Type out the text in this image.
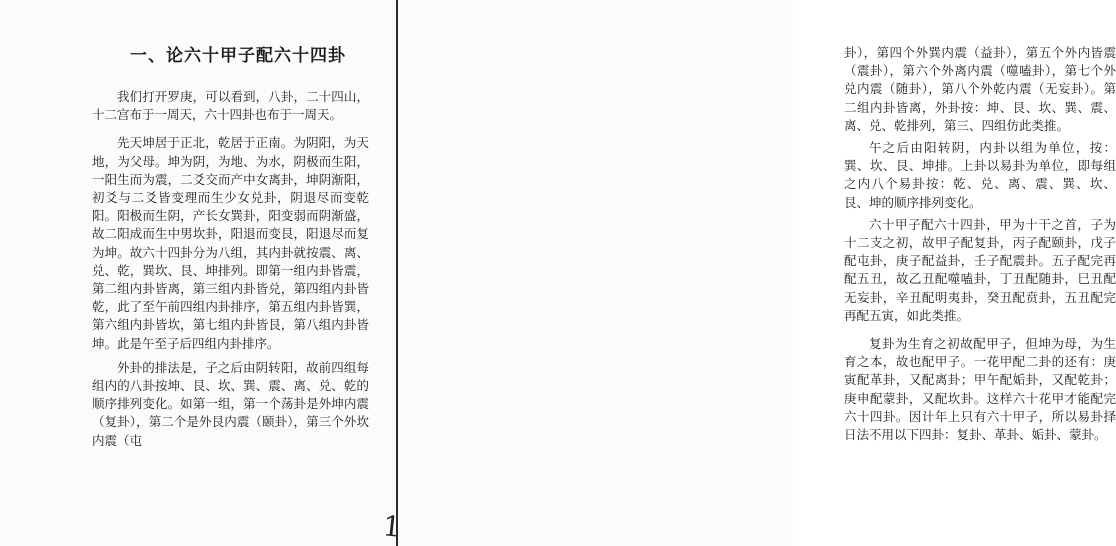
一、论六十甲子配六十四卦

我们打开罗庚，可以看到，八卦，二十四山，十二宫布于一周天，六十四卦也布于一周天。

先天坤居于正北，乾居于正南。为阴阳，为天地，为父母。坤为阴，为地、为水，阴极而生阳，一阳生而为震，二爻交而产中女离卦，坤阴渐阳，初爻与二爻皆变理而生少女兑卦，阴退尽而变乾阳。阳极而生阴，产长女巽卦，阳变弱而阴渐盛，故二阳成而生中男坎卦，阳退而变艮，阳退尽而复为坤。故六十四卦分为八组，其内卦就按震、离、兑、乾，巽坎、艮、坤排列。即第一组内卦皆震，第二组内卦皆离，第三组内卦皆兑，第四组内卦皆乾，此了至午前四组内卦排序，第五组内卦皆巽，第六组内卦皆坎，第七组内卦皆艮，第八组内卦皆坤。此是午至子后四组内卦排序。

外卦的排法是，子之后由阴转阳，故前四组每组内的八卦按坤、艮、坎、巽、震、离、兑、乾的顺序排列变化。如第一组，第一个荡卦是外坤内震（复卦），第二个是外艮内震（颐卦），第三个外坎内震（屯

卦），第四个外巽内震（益卦），第五个外内皆震（震卦），第六个外离内震（噬嗑卦），第七个外兑内震（随卦），第八个外乾内震（无妄卦）。第二组内卦皆离，外卦按：坤、艮、坎、巽、震、离、兑、乾排列，第三、四组仿此类推。

午之后由阳转阴，内卦以组为单位，按：巽、坎、艮、坤排。上卦以易卦为单位，即每组之内八个易卦按：乾、兑、离、震、巽、坎、艮、坤的顺序排列变化。

六十甲子配六十四卦，甲为十干之首，子为十二支之初，故甲子配复卦，丙子配颐卦，戊子配屯卦，庚子配益卦，壬子配震卦。五子配完再配五丑，故乙丑配噬嗑卦，丁丑配随卦，巳丑配无妄卦，辛丑配明夷卦，癸丑配贲卦，五丑配完再配五寅，如此类推。

复卦为生育之初故配甲子，但坤为母，为生育之本，故也配甲子。一花甲配二卦的还有：庚寅配革卦，又配离卦；甲午配姤卦，又配乾卦；庚申配蒙卦，又配坎卦。这样六十花甲才能配完六十四卦。因计年上只有六十甲子，所以易卦择日法不用以下四卦：复卦、革卦、姤卦、蒙卦。

1
